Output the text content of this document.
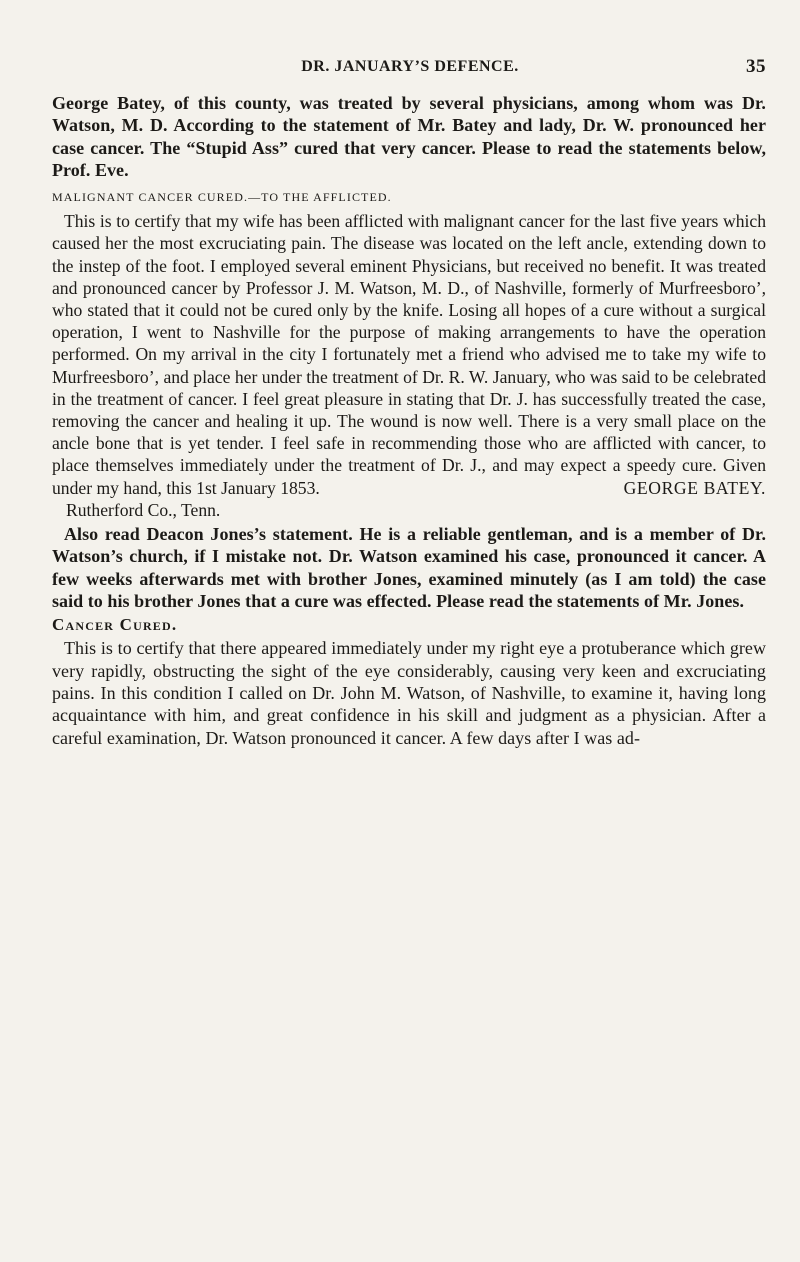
DR. JANUARY’S DEFENCE.	35

George Batey, of this county, was treated by several physicians, among whom was Dr. Watson, M. D. According to the statement of Mr. Batey and lady, Dr. W. pronounced her case cancer. The “Stupid Ass” cured that very cancer. Please to read the statements below, Prof. Eve.

MALIGNANT CANCER CURED.—TO THE AFFLICTED.

This is to certify that my wife has been afflicted with malignant cancer for the last five years which caused her the most excruciating pain. The disease was located on the left ancle, extending down to the instep of the foot. I employed several eminent Physicians, but received no benefit. It was treated and pronounced cancer by Professor J. M. Watson, M. D., of Nashville, formerly of Murfreesboro’, who stated that it could not be cured only by the knife. Losing all hopes of a cure without a surgical operation, I went to Nashville for the purpose of making arrangements to have the operation performed. On my arrival in the city I fortunately met a friend who advised me to take my wife to Murfreesboro’, and place her under the treatment of Dr. R. W. January, who was said to be celebrated in the treatment of cancer. I feel great pleasure in stating that Dr. J. has successfully treated the case, removing the cancer and healing it up. The wound is now well. There is a very small place on the ancle bone that is yet tender. I feel safe in recommending those who are afflicted with cancer, to place themselves immediately under the treatment of Dr. J., and may expect a speedy cure. Given under my hand, this 1st January 1853.	GEORGE BATEY.

Rutherford Co., Tenn.

Also read Deacon Jones’s statement. He is a reliable gentleman, and is a member of Dr. Watson’s church, if I mistake not. Dr. Watson examined his case, pronounced it cancer. A few weeks afterwards met with brother Jones, examined minutely (as I am told) the case said to his brother Jones that a cure was effected. Please read the statements of Mr. Jones.

Cancer Cured.

This is to certify that there appeared immediately under my right eye a protuberance which grew very rapidly, obstructing the sight of the eye considerably, causing very keen and excruciating pains. In this condition I called on Dr. John M. Watson, of Nashville, to examine it, having long acquaintance with him, and great confidence in his skill and judgment as a physician. After a careful examination, Dr. Watson pronounced it cancer. A few days after I was ad-
